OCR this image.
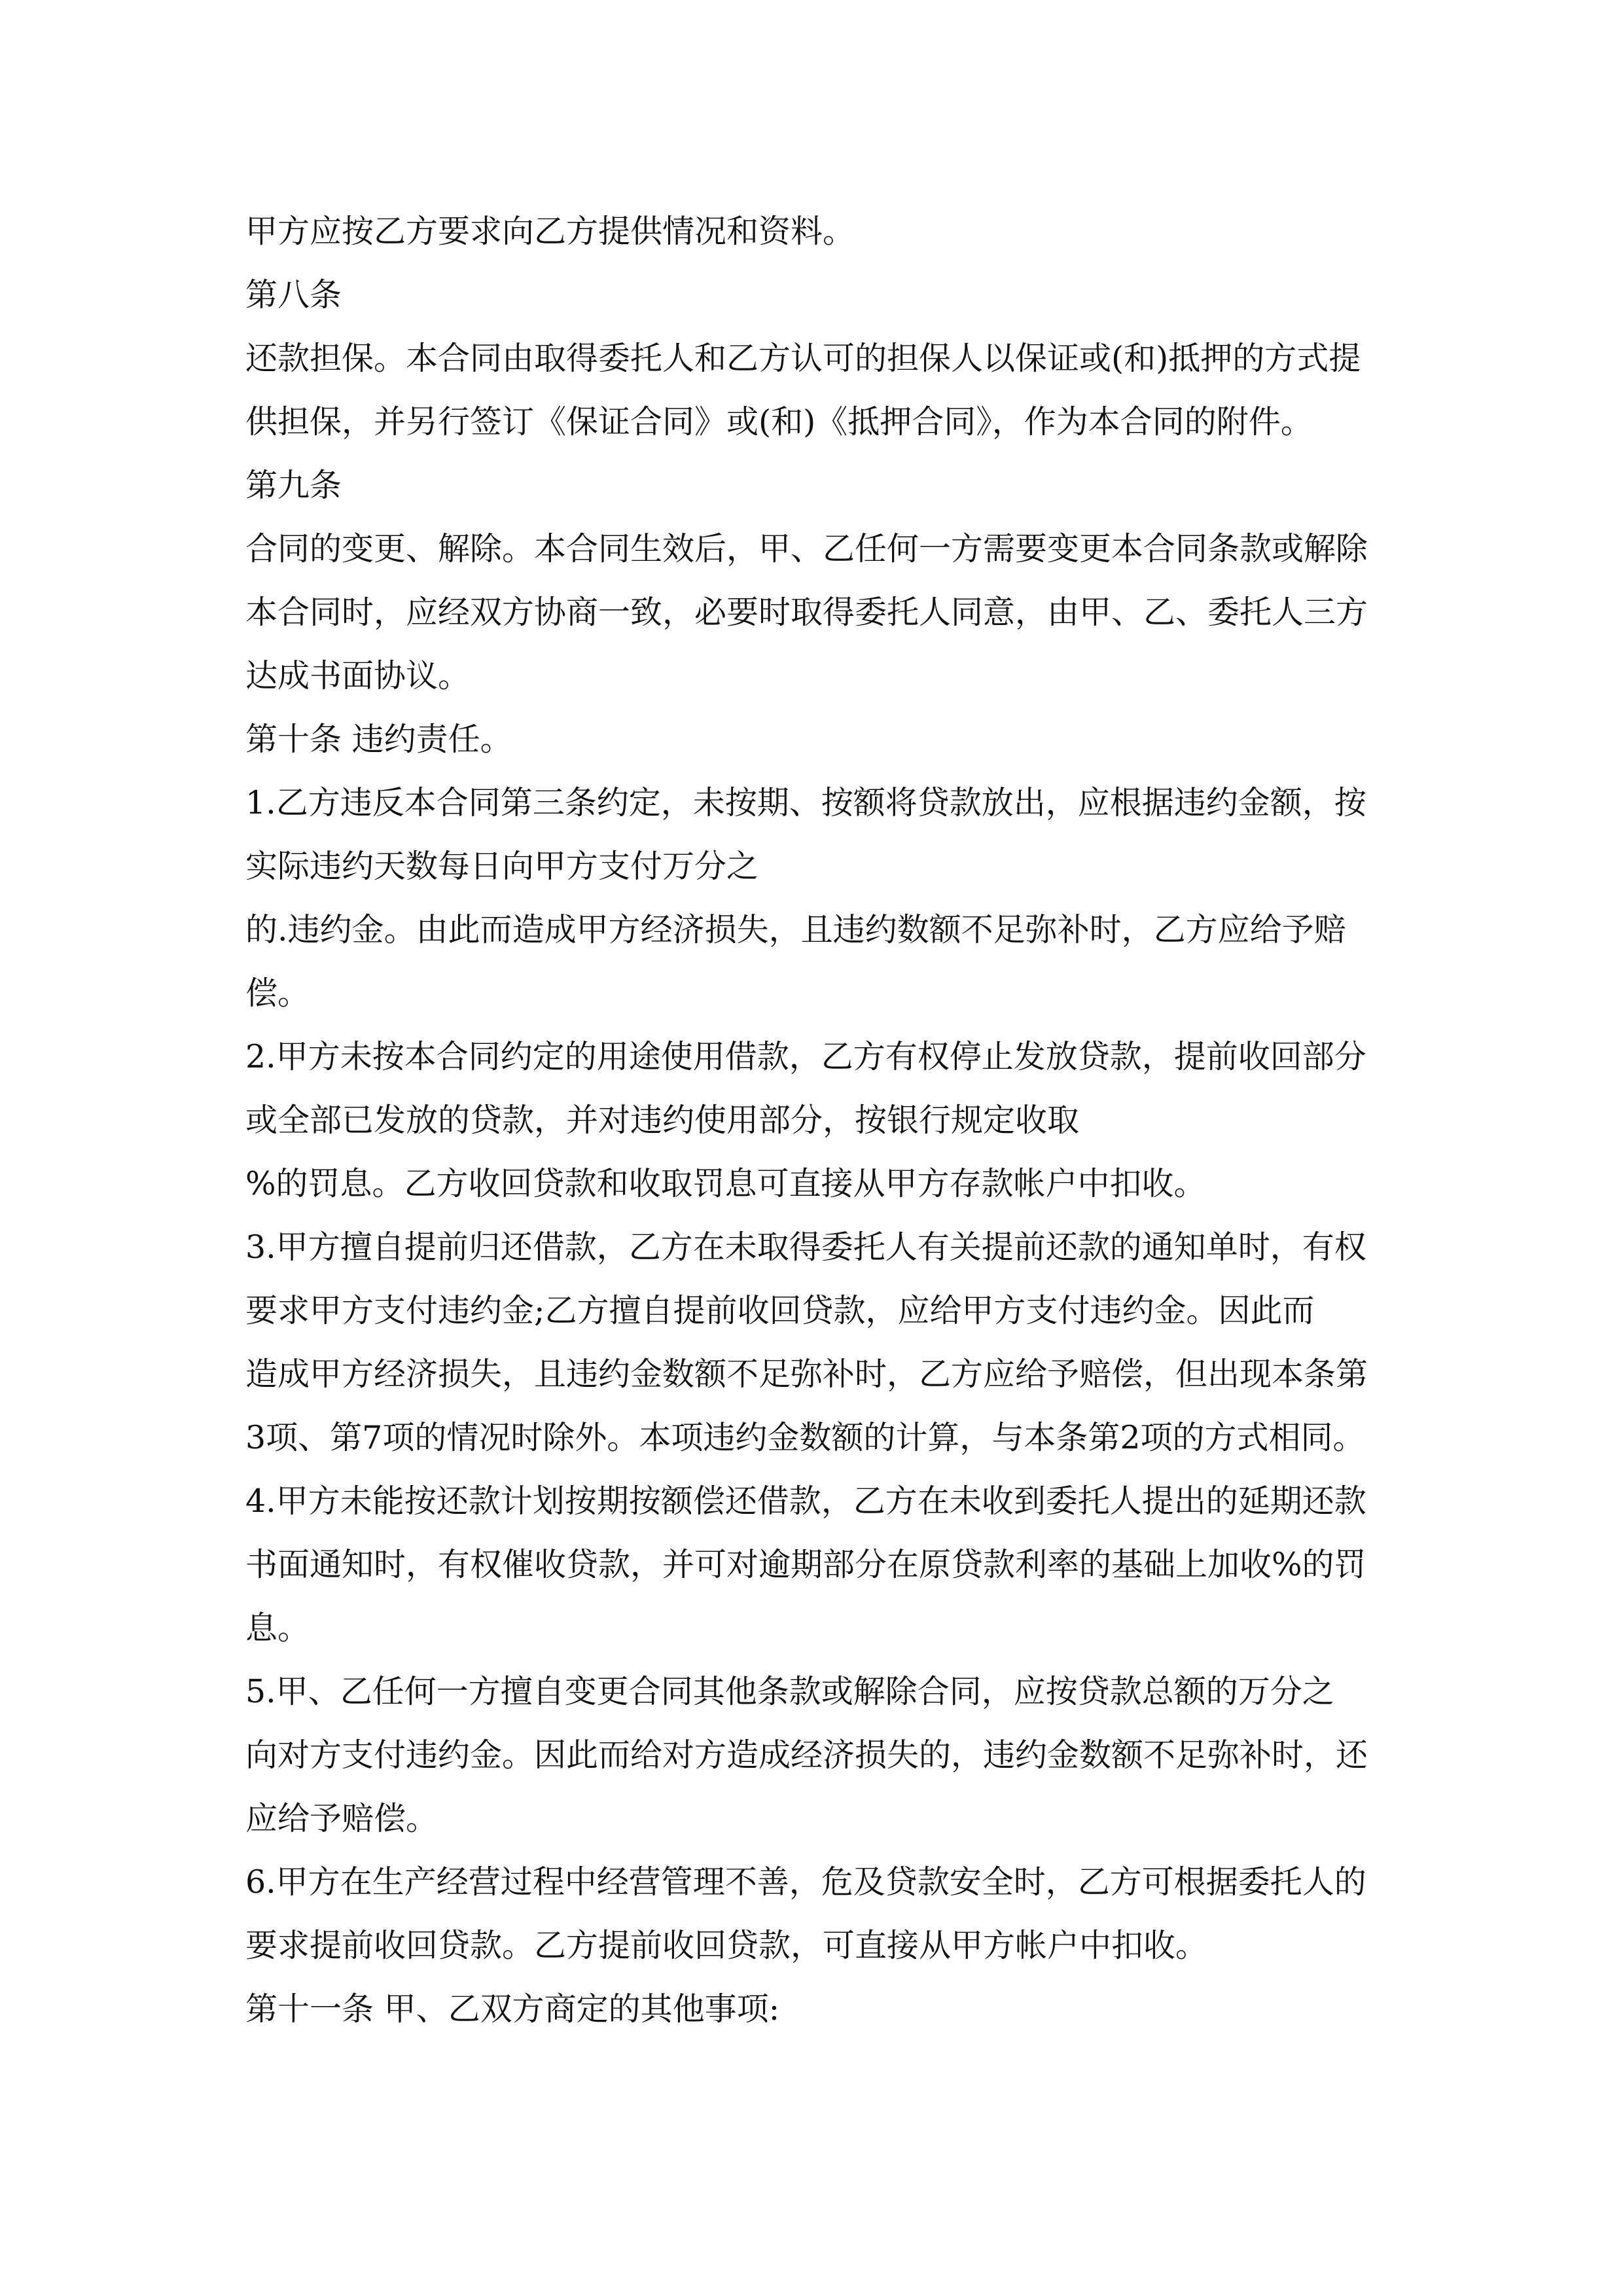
甲方应按乙方要求向乙方提供情况和资料。
第八条
还款担保。本合同由取得委托人和乙方认可的担保人以保证或(和)抵押的方式提
供担保，并另行签订《保证合同》或(和)《抵押合同》，作为本合同的附件。
第九条
合同的变更、解除。本合同生效后，甲、乙任何一方需要变更本合同条款或解除
本合同时，应经双方协商一致，必要时取得委托人同意，由甲、乙、委托人三方
达成书面协议。
第十条 违约责任。
1.乙方违反本合同第三条约定，未按期、按额将贷款放出，应根据违约金额，按
实际违约天数每日向甲方支付万分之
的.违约金。由此而造成甲方经济损失，且违约数额不足弥补时，乙方应给予赔
偿。
2.甲方未按本合同约定的用途使用借款，乙方有权停止发放贷款，提前收回部分
或全部已发放的贷款，并对违约使用部分，按银行规定收取
%的罚息。乙方收回贷款和收取罚息可直接从甲方存款帐户中扣收。
3.甲方擅自提前归还借款，乙方在未取得委托人有关提前还款的通知单时，有权
要求甲方支付违约金;乙方擅自提前收回贷款，应给甲方支付违约金。因此而
造成甲方经济损失，且违约金数额不足弥补时，乙方应给予赔偿，但出现本条第
3项、第7项的情况时除外。本项违约金数额的计算，与本条第2项的方式相同。
4.甲方未能按还款计划按期按额偿还借款，乙方在未收到委托人提出的延期还款
书面通知时，有权催收贷款，并可对逾期部分在原贷款利率的基础上加收%的罚
息。
5.甲、乙任何一方擅自变更合同其他条款或解除合同，应按贷款总额的万分之
向对方支付违约金。因此而给对方造成经济损失的，违约金数额不足弥补时，还
应给予赔偿。
6.甲方在生产经营过程中经营管理不善，危及贷款安全时，乙方可根据委托人的
要求提前收回贷款。乙方提前收回贷款，可直接从甲方帐户中扣收。
第十一条 甲、乙双方商定的其他事项:
